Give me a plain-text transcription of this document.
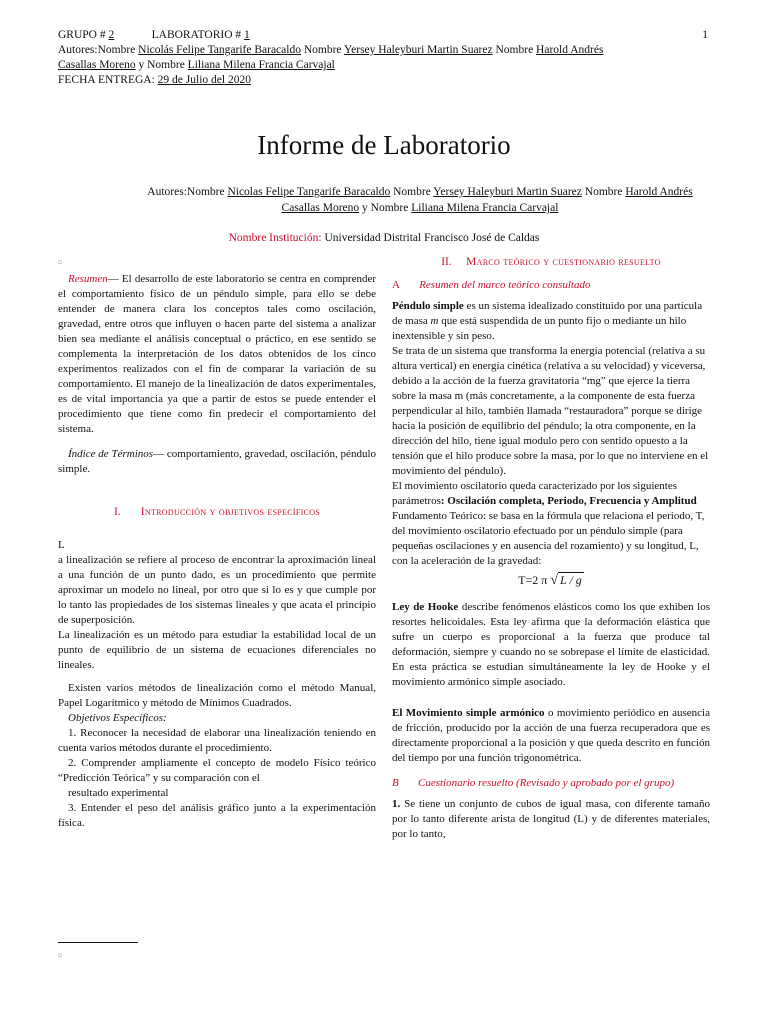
GRUPO # 2	LABORATORIO # 1
Autores:Nombre Nicolás Felipe Tangarife Baracaldo Nombre Yersey Haleyburi Martin Suarez Nombre Harold Andrés
Casallas Moreno y Nombre Liliana Milena Francia Carvajal
FECHA ENTREGA: 29 de Julio del 2020
1
Informe de Laboratorio
Autores:Nombre Nicolas Felipe Tangarife Baracaldo Nombre Yersey Haleyburi Martin Suarez Nombre Harold Andrés Casallas Moreno y Nombre Liliana Milena Francia Carvajal
Nombre Institución: Universidad Distrital Francisco José de Caldas
¤

Resumen— El desarrollo de este laboratorio se centra en comprender el comportamiento físico de un péndulo simple, para ello se debe entender de manera clara los conceptos tales como oscilación, gravedad, entre otros que influyen o hacen parte del sistema a analizar bien sea mediante el análisis conceptual o práctico, en ese sentido se complementa la interpretación de los datos obtenidos de los cinco experimentos realizados con el fin de comparar la variación de su comportamiento. El manejo de la linealización de datos experimentales, es de vital importancia ya que a partir de estos se puede entender el procedimiento que tiene como fin predecir el comportamiento del sistema.

Índice de Términos— comportamiento, gravedad, oscilación, péndulo simple.

I. Introducción y objetivos específicos
L

a linealización se refiere al proceso de encontrar la aproximación lineal a una función de un punto dado, es un procedimiento que permite aproximar un modelo no lineal, por otro que si lo es y que cumple por lo tanto las propiedades de los sistemas lineales y que acata el principio de superposición.

La linealización es un método para estudiar la estabilidad local de un punto de equilibrio de un sistema de ecuaciones diferenciales no lineales.

Existen varios métodos de linealización como el método Manual, Papel Logarítmico y método de Mínimos Cuadrados.

Objetivos Específicos:

1. Reconocer la necesidad de elaborar una linealización teniendo en cuenta varios métodos durante el procedimiento.

2. Comprender ampliamente el concepto de modelo Físico teórico “Predicción Teórica” y su comparación con el

resultado experimental

3. Entender el peso del análisis gráfico junto a la experimentación física.

¤
II. Marco teórico y cuestionario resuelto
A Resumen del marco teórico consultado

Péndulo simple es un sistema idealizado constituido por una partícula de masa m que está suspendida de un punto fijo o mediante un hilo inextensible y sin peso.

Se trata de un sistema que transforma la energía potencial (relativa a su altura vertical) en energía cinética (relativa a su velocidad) y viceversa, debido a la acción de la fuerza gravitatoria “mg” que ejerce la tierra sobre la masa m (más concretamente, a la componente de esta fuerza perpendicular al hilo, también llamada “restauradora” porque se dirige hacia la posición de equilibrio del péndulo; la otra componente, en la dirección del hilo, tiene igual modulo pero con sentido opuesto a la tensión que el hilo produce sobre la masa, por lo que no interviene en el movimiento del péndulo).

El movimiento oscilatorio queda caracterizado por los siguientes parámetros: Oscilación completa, Periodo, Frecuencia y Amplitud

Fundamento Teórico: se basa en la fórmula que relaciona el periodo, T, del movimiento oscilatorio efectuado por un péndulo simple (para pequeñas oscilaciones y en ausencia del rozamiento) y su longitud, L, con la aceleración de la gravedad:

T=2 π √ L / g

Ley de Hooke describe fenómenos elásticos como los que exhiben los resortes helicoidales. Esta ley afirma que la deformación elástica que sufre un cuerpo es proporcional a la fuerza que produce tal deformación, siempre y cuando no se sobrepase el límite de elasticidad. En esta práctica se estudian simultáneamente la ley de Hooke y el movimiento armónico simple asociado.

El Movimiento simple armónico o movimiento periódico en ausencia de fricción, producido por la acción de una fuerza recuperadora que es directamente proporcional a la posición y que queda descrito en función del tiempo por una función trigonométrica.

B Cuestionario resuelto (Revisado y aprobado por el grupo)

1. Se tiene un conjunto de cubos de igual masa, con diferente tamaño por lo tanto diferente arista de longitud (L) y de diferentes materiales, por lo tanto,
